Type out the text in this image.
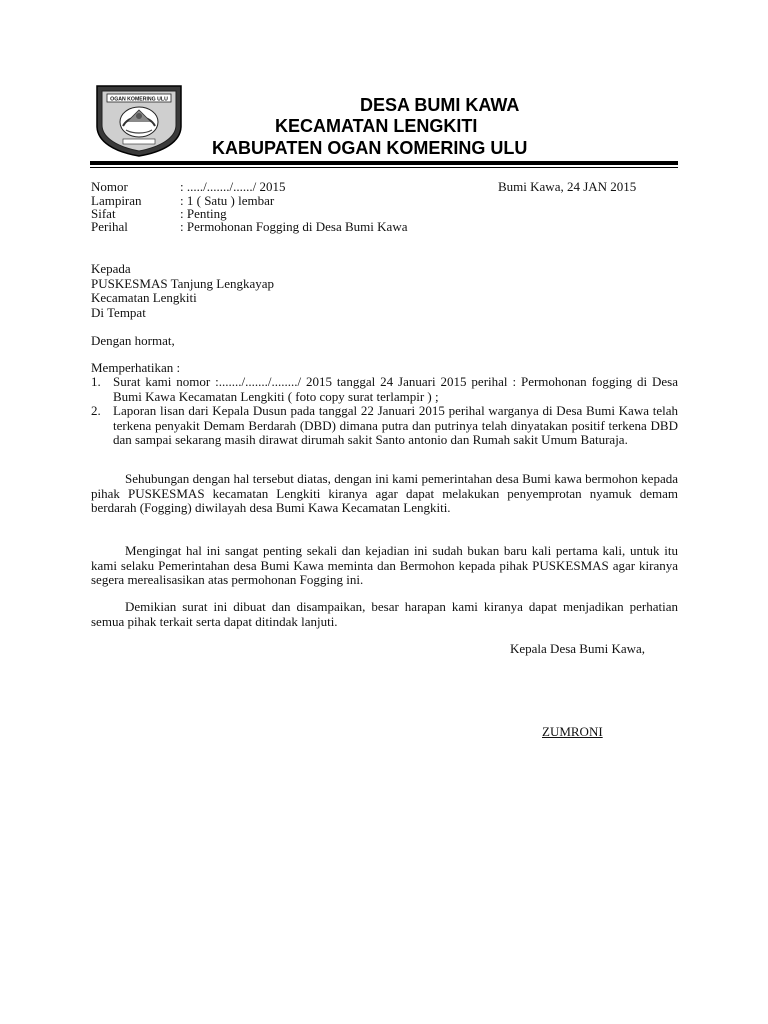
OGAN KOMERING ULU	DESA BUMI KAWA
KECAMATAN LENGKITI
KABUPATEN OGAN KOMERING ULU
Nomor	: ...../......./....../ 2015	Bumi Kawa, 24 JAN 2015
Lampiran	: 1 ( Satu ) lembar
Sifat	: Penting
Perihal	: Permohonan Fogging di Desa Bumi Kawa
Kepada
PUSKESMAS Tanjung Lengkayap
Kecamatan Lengkiti
Di Tempat
Dengan hormat,
Memperhatikan :
1. Surat kami nomor :......./......./......../ 2015 tanggal 24 Januari 2015 perihal : Permohonan fogging di Desa Bumi Kawa Kecamatan Lengkiti ( foto copy surat terlampir ) ;
2. Laporan lisan dari Kepala Dusun pada tanggal 22 Januari 2015 perihal warganya di Desa Bumi Kawa telah terkena penyakit Demam Berdarah (DBD) dimana putra dan putrinya telah dinyatakan positif terkena DBD dan sampai sekarang masih dirawat dirumah sakit Santo antonio dan Rumah sakit Umum Baturaja.
Sehubungan dengan hal tersebut diatas, dengan ini kami pemerintahan desa Bumi kawa bermohon kepada pihak PUSKESMAS kecamatan Lengkiti kiranya agar dapat melakukan penyemprotan nyamuk demam berdarah (Fogging) diwilayah desa Bumi Kawa Kecamatan Lengkiti.
Mengingat hal ini sangat penting sekali dan kejadian ini sudah bukan baru kali pertama kali, untuk itu kami selaku Pemerintahan desa Bumi Kawa meminta dan Bermohon kepada pihak PUSKESMAS agar kiranya segera merealisasikan atas permohonan Fogging ini.
Demikian surat ini dibuat dan disampaikan, besar harapan kami kiranya dapat menjadikan perhatian semua pihak terkait serta dapat ditindak lanjuti.
Kepala Desa Bumi Kawa,
ZUMRONI
